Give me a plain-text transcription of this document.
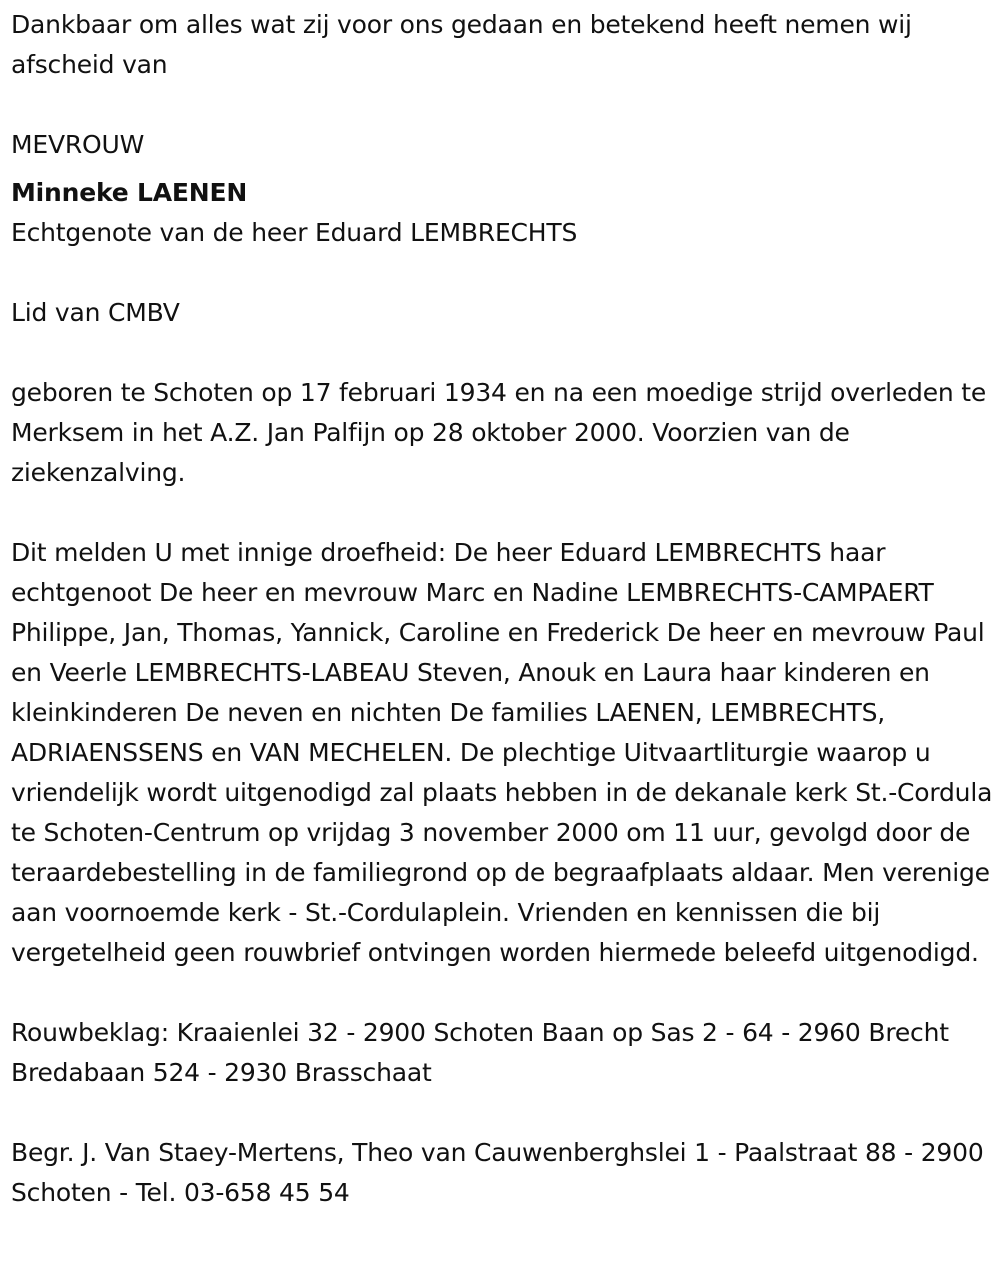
Dankbaar om alles wat zij voor ons gedaan en betekend heeft nemen wij afscheid van

MEVROUW

Minneke LAENEN

Echtgenote van de heer Eduard LEMBRECHTS

Lid van CMBV

geboren te Schoten op 17 februari 1934 en na een moedige strijd overleden te Merksem in het A.Z. Jan Palfijn op 28 oktober 2000. Voorzien van de ziekenzalving.

Dit melden U met innige droefheid: De heer Eduard LEMBRECHTS haar echtgenoot De heer en mevrouw Marc en Nadine LEMBRECHTS-CAMPAERT Philippe, Jan, Thomas, Yannick, Caroline en Frederick De heer en mevrouw Paul en Veerle LEMBRECHTS-LABEAU Steven, Anouk en Laura haar kinderen en kleinkinderen De neven en nichten De families LAENEN, LEMBRECHTS, ADRIAENSSENS en VAN MECHELEN. De plechtige Uitvaartliturgie waarop u vriendelijk wordt uitgenodigd zal plaats hebben in de dekanale kerk St.-Cordula te Schoten-Centrum op vrijdag 3 november 2000 om 11 uur, gevolgd door de teraardebestelling in de familiegrond op de begraafplaats aldaar. Men verenige aan voornoemde kerk - St.-Cordulaplein. Vrienden en kennissen die bij vergetelheid geen rouwbrief ontvingen worden hiermede beleefd uitgenodigd.

Rouwbeklag: Kraaienlei 32 - 2900 Schoten Baan op Sas 2 - 64 - 2960 Brecht Bredabaan 524 - 2930 Brasschaat

Begr. J. Van Staey-Mertens, Theo van Cauwenberghslei 1 - Paalstraat 88 - 2900 Schoten - Tel. 03-658 45 54
